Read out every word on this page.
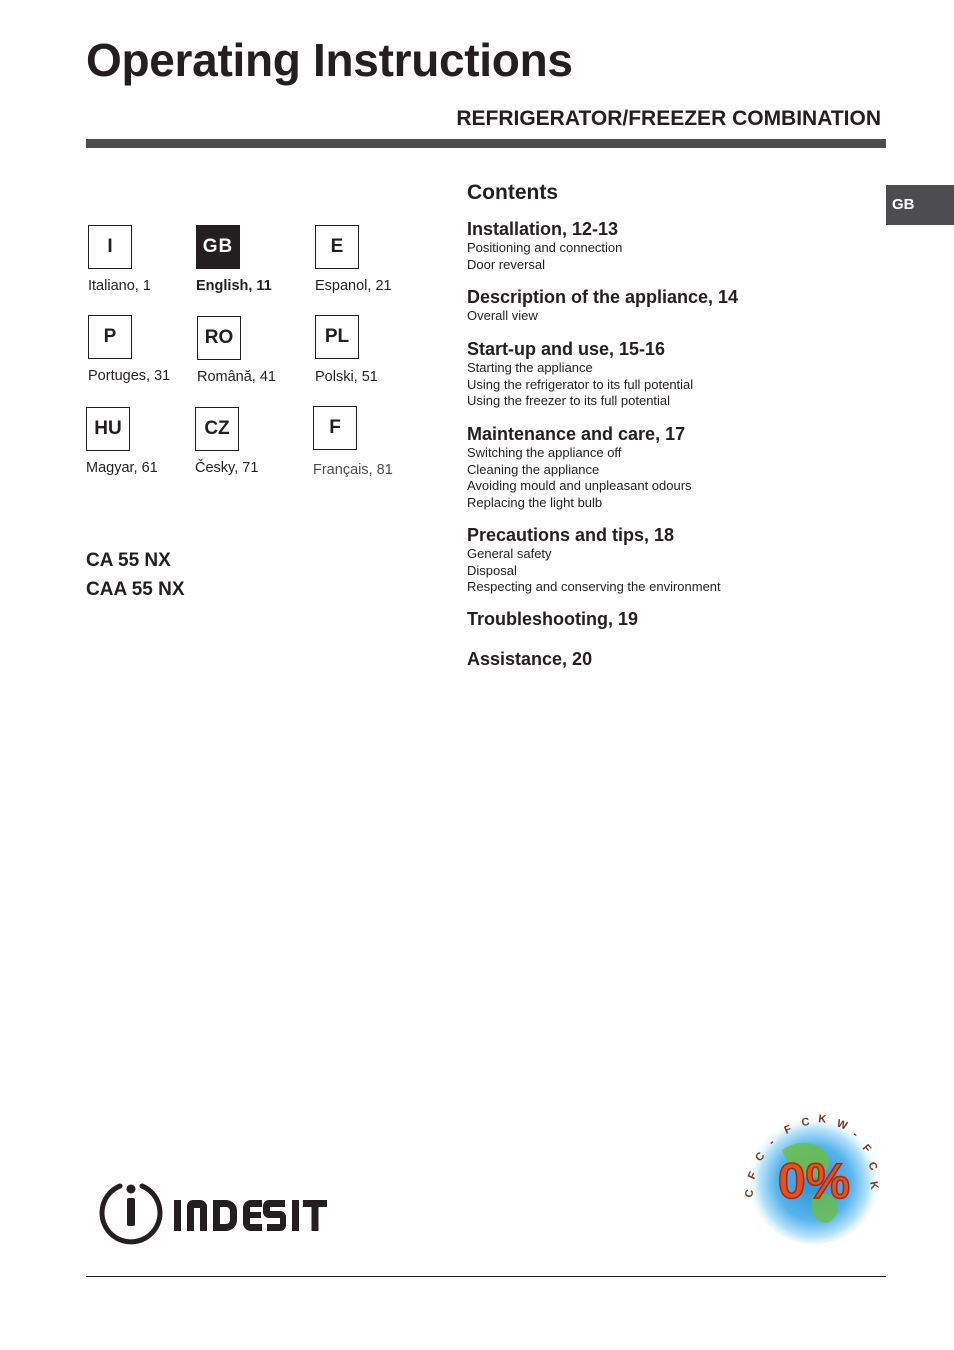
Operating Instructions
REFRIGERATOR/FREEZER COMBINATION
GB
I
Italiano, 1
GB
English, 11
E
Espanol, 21
P
Portuges, 31
RO
Română, 41
PL
Polski, 51
HU
Magyar, 61
CZ
Česky, 71
F
Français, 81
CA 55 NX
CAA 55 NX
Contents
Installation, 12-13
Positioning and connection
Door reversal
Description of the appliance, 14
Overall view
Start-up and use, 15-16
Starting the appliance
Using the refrigerator to its full potential
Using the freezer to its full potential
Maintenance and care, 17
Switching the appliance off
Cleaning the appliance
Avoiding mould and unpleasant odours
Replacing the light bulb
Precautions and tips, 18
General safety
Disposal
Respecting and conserving the environment
Troubleshooting, 19
Assistance, 20
0%
C
F
C
-
F
C K W
-
F
C
K
